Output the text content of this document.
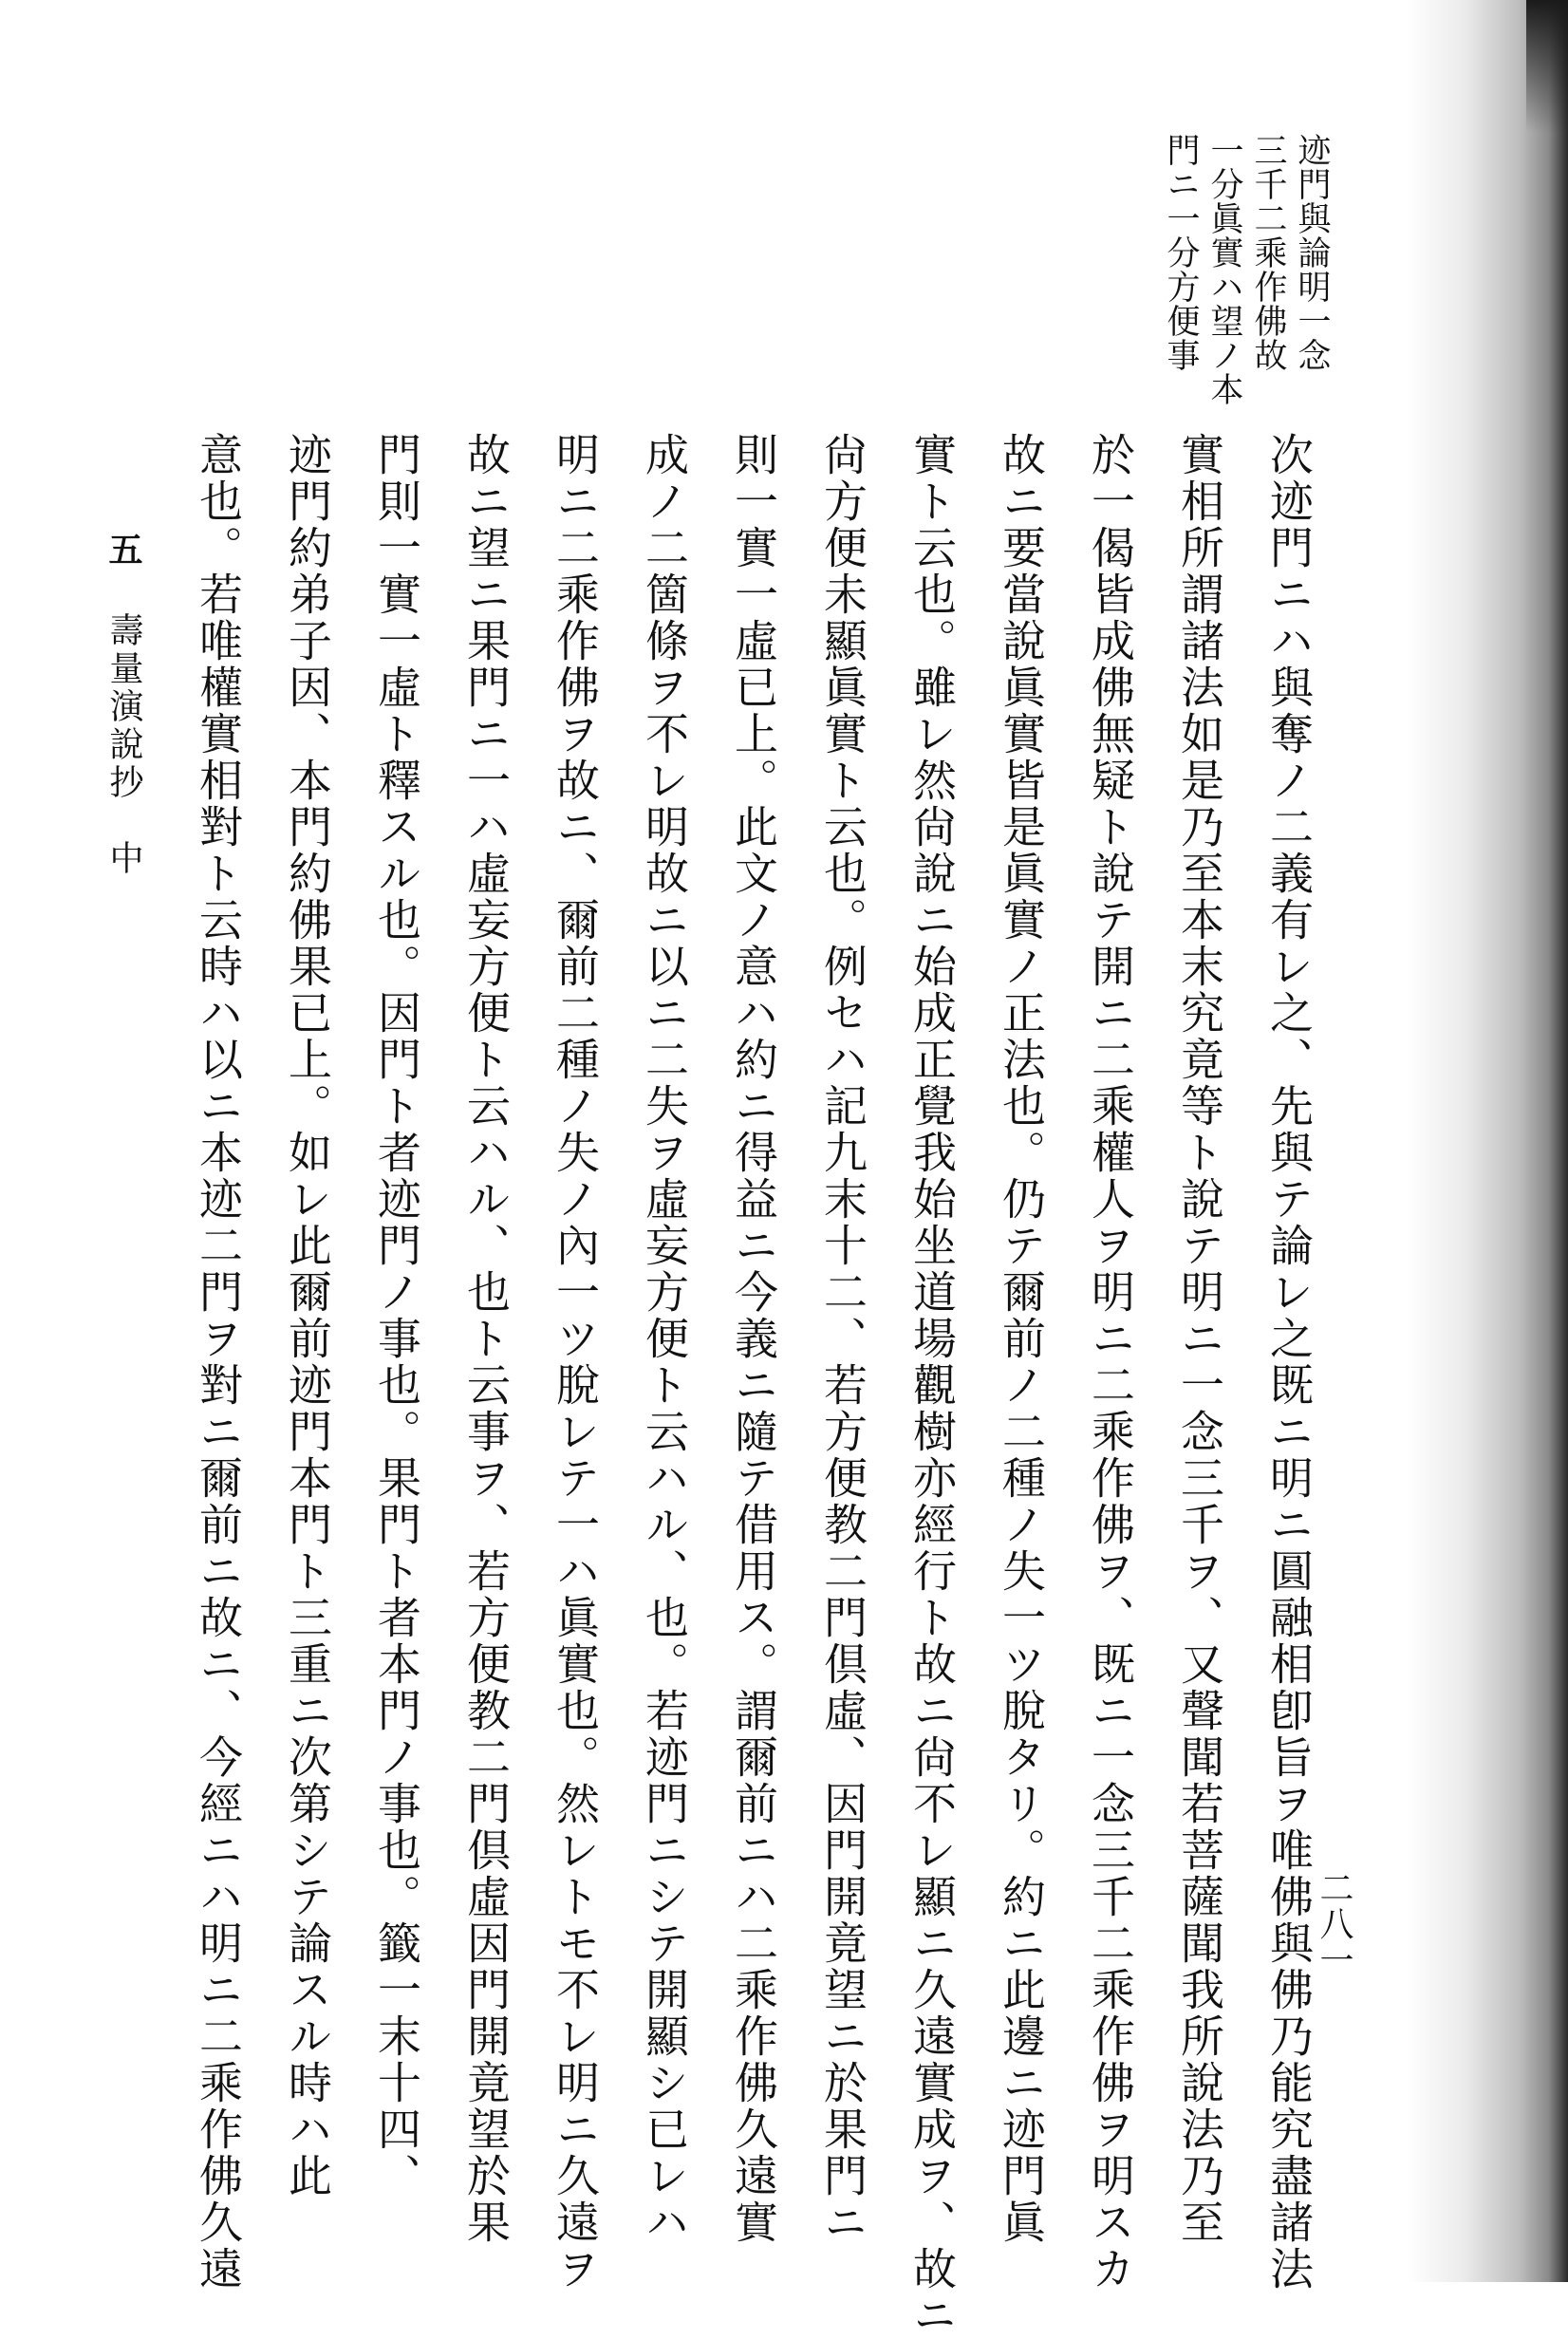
迹門與論明一念

三千二乘作佛故

一分眞實ハ望ノ本

門ニ一分方便事

次迹門ニハ與奪ノ二義有レ之、先與テ論レ之既ニ明ニ圓融相卽旨ヲ唯佛與佛乃能究盡諸法

實相所謂諸法如是乃至本末究竟等ト說テ明ニ一念三千ヲ、又聲聞若菩薩聞我所說法乃至

於一偈皆成佛無疑ト說テ開ニ二乘權人ヲ明ニ二乘作佛ヲ、既ニ一念三千二乘作佛ヲ明スカ

故ニ要當說眞實皆是眞實ノ正法也。仍テ爾前ノ二種ノ失一ツ脫タリ。約ニ此邊ニ迹門眞

實ト云也。雖レ然尙說ニ始成正覺我始坐道場觀樹亦經行ト故ニ尙不レ顯ニ久遠實成ヲ、故ニ

尙方便未顯眞實ト云也。例セハ記九末十二、若方便教二門倶虛、因門開竟望ニ於果門ニ

則一實一虛已上。此文ノ意ハ約ニ得益ニ今義ニ隨テ借用ス。謂爾前ニハ二乘作佛久遠實

成ノ二箇條ヲ不レ明故ニ以ニ二失ヲ虛妄方便ト云ハル、也。若迹門ニシテ開顯シ已レハ

明ニ二乘作佛ヲ故ニ、爾前二種ノ失ノ內一ツ脫レテ一ハ眞實也。然レトモ不レ明ニ久遠ヲ

故ニ望ニ果門ニ一ハ虛妄方便ト云ハル、也ト云事ヲ、若方便教二門倶虛因門開竟望於果

門則一實一虛ト釋スル也。因門ト者迹門ノ事也。果門ト者本門ノ事也。籤一末十四、

迹門約弟子因、本門約佛果已上。如レ此爾前迹門本門ト三重ニ次第シテ論スル時ハ此

意也。若唯權實相對ト云時ハ以ニ本迹二門ヲ對ニ爾前ニ故ニ、今經ニハ明ニ二乘作佛久遠

五 壽量演說抄　中
二八一
